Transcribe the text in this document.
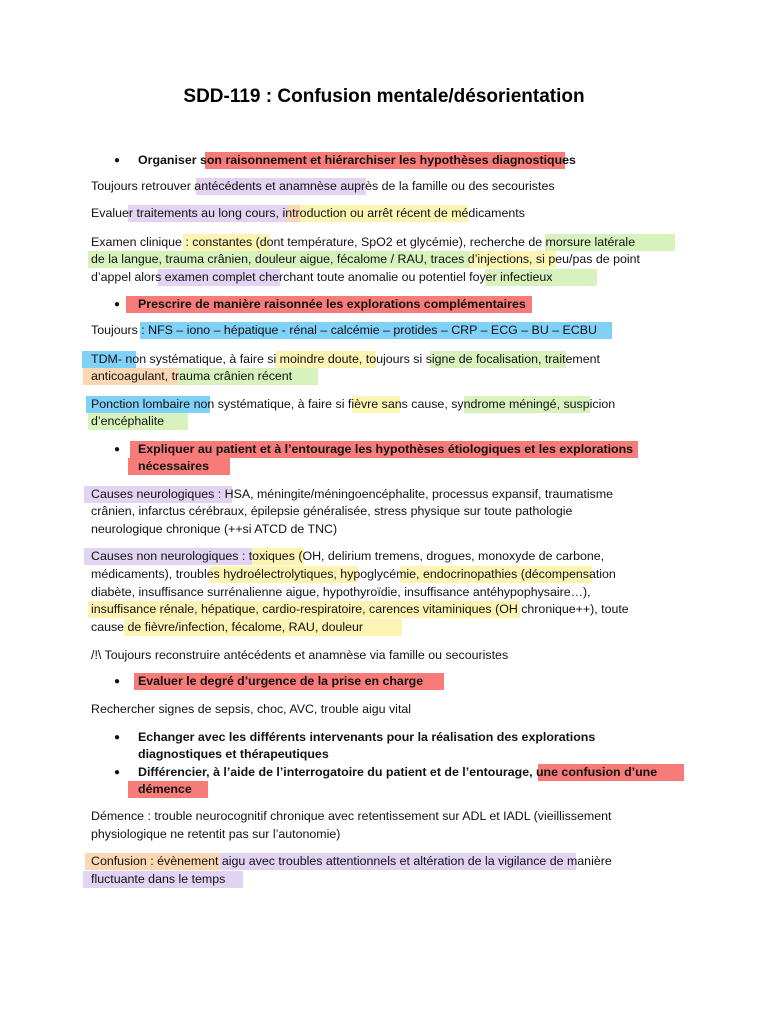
SDD-119 : Confusion mentale/désorientation
●
●
●
●
●
●
Organiser son raisonnement et hiérarchiser les hypothèses diagnostiques
Toujours retrouver antécédents et anamnèse auprès de la famille ou des secouristes
Evaluer traitements au long cours, introduction ou arrêt récent de médicaments
Examen clinique : constantes (dont température, SpO2 et glycémie), recherche de morsure latérale
de la langue, trauma crânien, douleur aigue, fécalome / RAU, traces d’injections, si peu/pas de point
d’appel alors examen complet cherchant toute anomalie ou potentiel foyer infectieux
Prescrire de manière raisonnée les explorations complémentaires
Toujours : NFS – iono – hépatique - rénal – calcémie – protides – CRP – ECG – BU – ECBU
TDM- non systématique, à faire si moindre doute, toujours si signe de focalisation, traitement
anticoagulant, trauma crânien récent
Ponction lombaire non systématique, à faire si fièvre sans cause, syndrome méningé, suspicion
d’encéphalite
Expliquer au patient et à l’entourage les hypothèses étiologiques et les explorations
nécessaires
Causes neurologiques : HSA, méningite/méningoencéphalite, processus expansif, traumatisme
crânien, infarctus cérébraux, épilepsie généralisée, stress physique sur toute pathologie
neurologique chronique (++si ATCD de TNC)
Causes non neurologiques : toxiques (OH, delirium tremens, drogues, monoxyde de carbone,
médicaments), troubles hydroélectrolytiques, hypoglycémie, endocrinopathies (décompensation
diabète, insuffisance surrénalienne aigue, hypothyroïdie, insuffisance antéhypophysaire…),
insuffisance rénale, hépatique, cardio-respiratoire, carences vitaminiques (OH chronique++), toute
cause de fièvre/infection, fécalome, RAU, douleur
/!\ Toujours reconstruire antécédents et anamnèse via famille ou secouristes
Evaluer le degré d’urgence de la prise en charge
Rechercher signes de sepsis, choc, AVC, trouble aigu vital
Echanger avec les différents intervenants pour la réalisation des explorations
diagnostiques et thérapeutiques
Différencier, à l’aide de l’interrogatoire du patient et de l’entourage, une confusion d’une
démence
Démence : trouble neurocognitif chronique avec retentissement sur ADL et IADL (vieillissement
physiologique ne retentit pas sur l’autonomie)
Confusion : évènement aigu avec troubles attentionnels et altération de la vigilance de manière
fluctuante dans le temps
